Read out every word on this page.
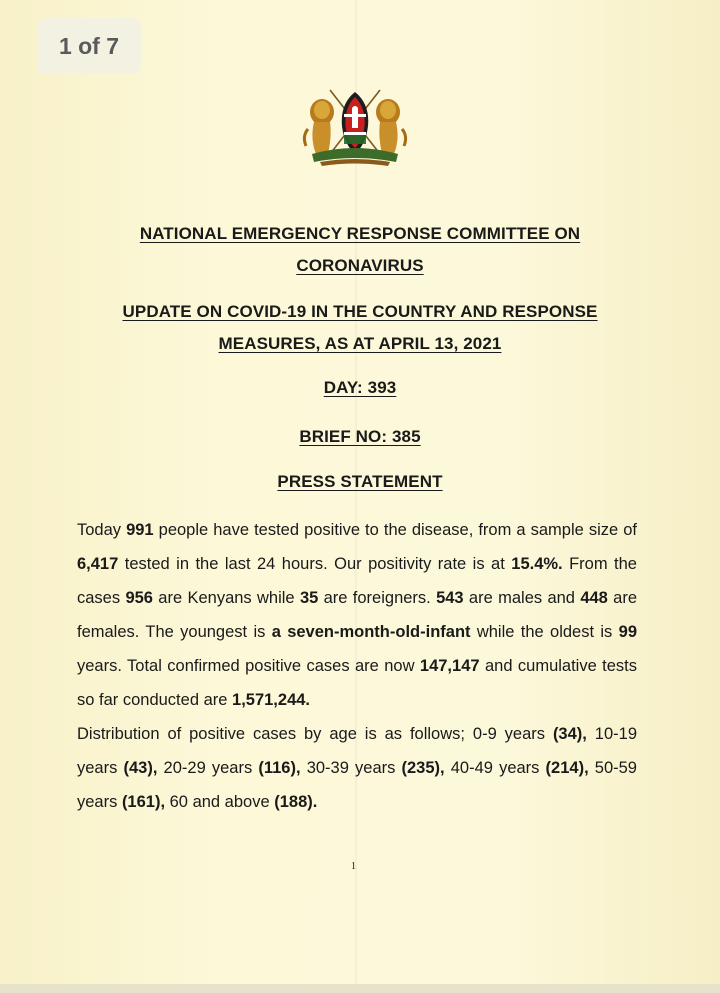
1 of 7
NATIONAL EMERGENCY RESPONSE COMMITTEE ON
CORONAVIRUS
UPDATE ON COVID-19 IN THE COUNTRY AND RESPONSE
MEASURES, AS AT APRIL 13, 2021
DAY: 393
BRIEF NO: 385
PRESS STATEMENT

Today 991 people have tested positive to the disease, from a sample size of 6,417 tested in the last 24 hours. Our positivity rate is at 15.4%. From the cases 956 are Kenyans while 35 are foreigners. 543 are males and 448 are females. The youngest is a seven-month-old-infant while the oldest is 99 years. Total confirmed positive cases are now 147,147 and cumulative tests so far conducted are 1,571,244.

Distribution of positive cases by age is as follows; 0-9 years (34), 10-19 years (43), 20-29 years (116), 30-39 years (235), 40-49 years (214), 50-59 years (161), 60 and above (188).

1
